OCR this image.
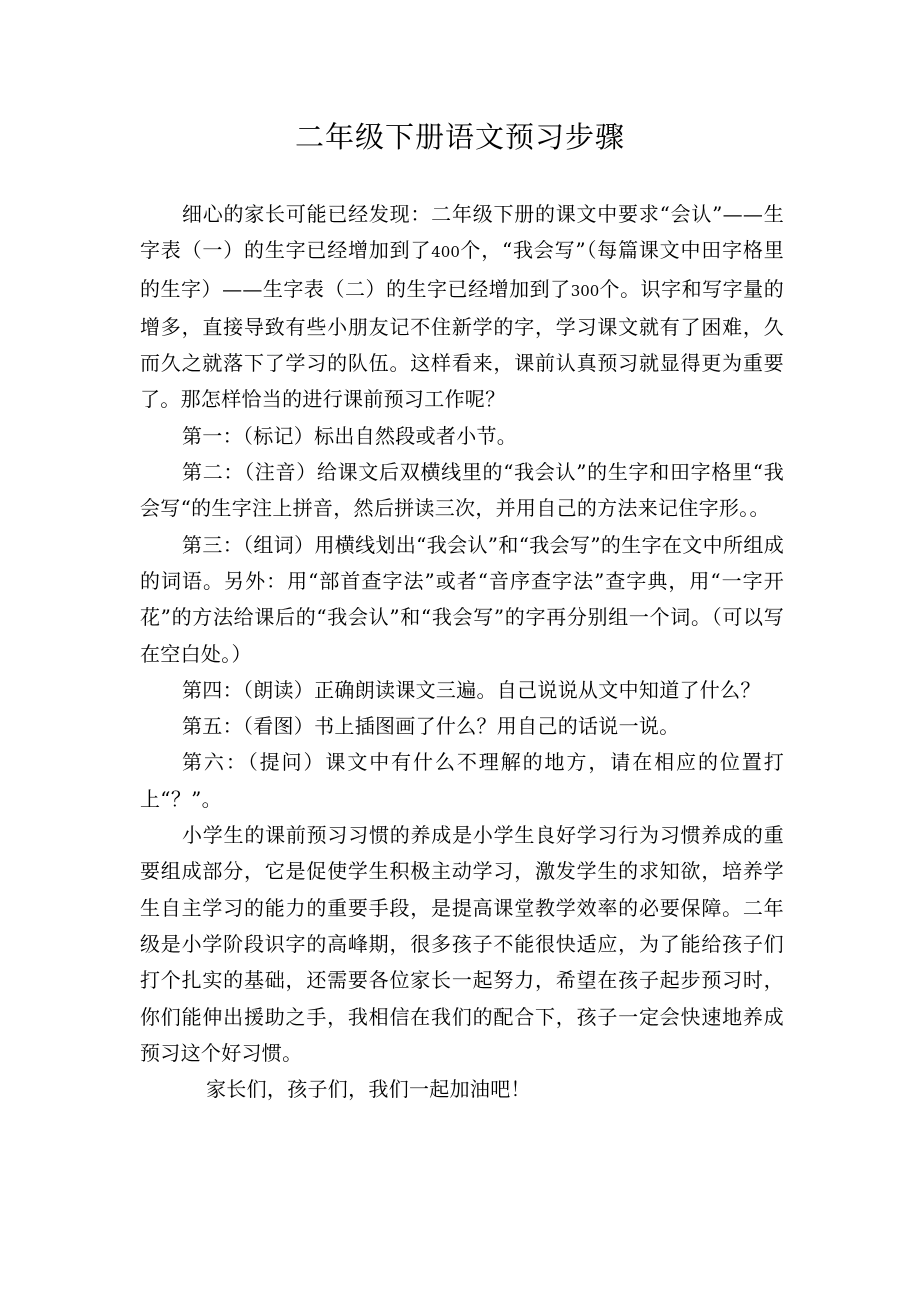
二年级下册语文预习步骤

细心的家长可能已经发现：二年级下册的课文中要求“会认”——生字表（一）的生字已经增加到了400个，“我会写”（每篇课文中田字格里的生字）——生字表（二）的生字已经增加到了300个。识字和写字量的增多，直接导致有些小朋友记不住新学的字，学习课文就有了困难，久而久之就落下了学习的队伍。这样看来，课前认真预习就显得更为重要了。那怎样恰当的进行课前预习工作呢？

第一：（标记）标出自然段或者小节。

第二：（注音）给课文后双横线里的“我会认”的生字和田字格里“我会写“的生字注上拼音，然后拼读三次，并用自己的方法来记住字形。。

第三：（组词）用横线划出“我会认”和“我会写”的生字在文中所组成的词语。另外：用“部首查字法”或者“音序查字法”查字典，用“一字开花”的方法给课后的“我会认”和“我会写”的字再分别组一个词。（可以写在空白处。）

第四：（朗读）正确朗读课文三遍。自己说说从文中知道了什么？

第五：（看图）书上插图画了什么？用自己的话说一说。

第六：（提问）课文中有什么不理解的地方，请在相应的位置打上“？”。

小学生的课前预习习惯的养成是小学生良好学习行为习惯养成的重要组成部分，它是促使学生积极主动学习，激发学生的求知欲，培养学生自主学习的能力的重要手段，是提高课堂教学效率的必要保障。二年级是小学阶段识字的高峰期，很多孩子不能很快适应，为了能给孩子们打个扎实的基础，还需要各位家长一起努力，希望在孩子起步预习时，你们能伸出援助之手，我相信在我们的配合下，孩子一定会快速地养成预习这个好习惯。

家长们，孩子们，我们一起加油吧！
